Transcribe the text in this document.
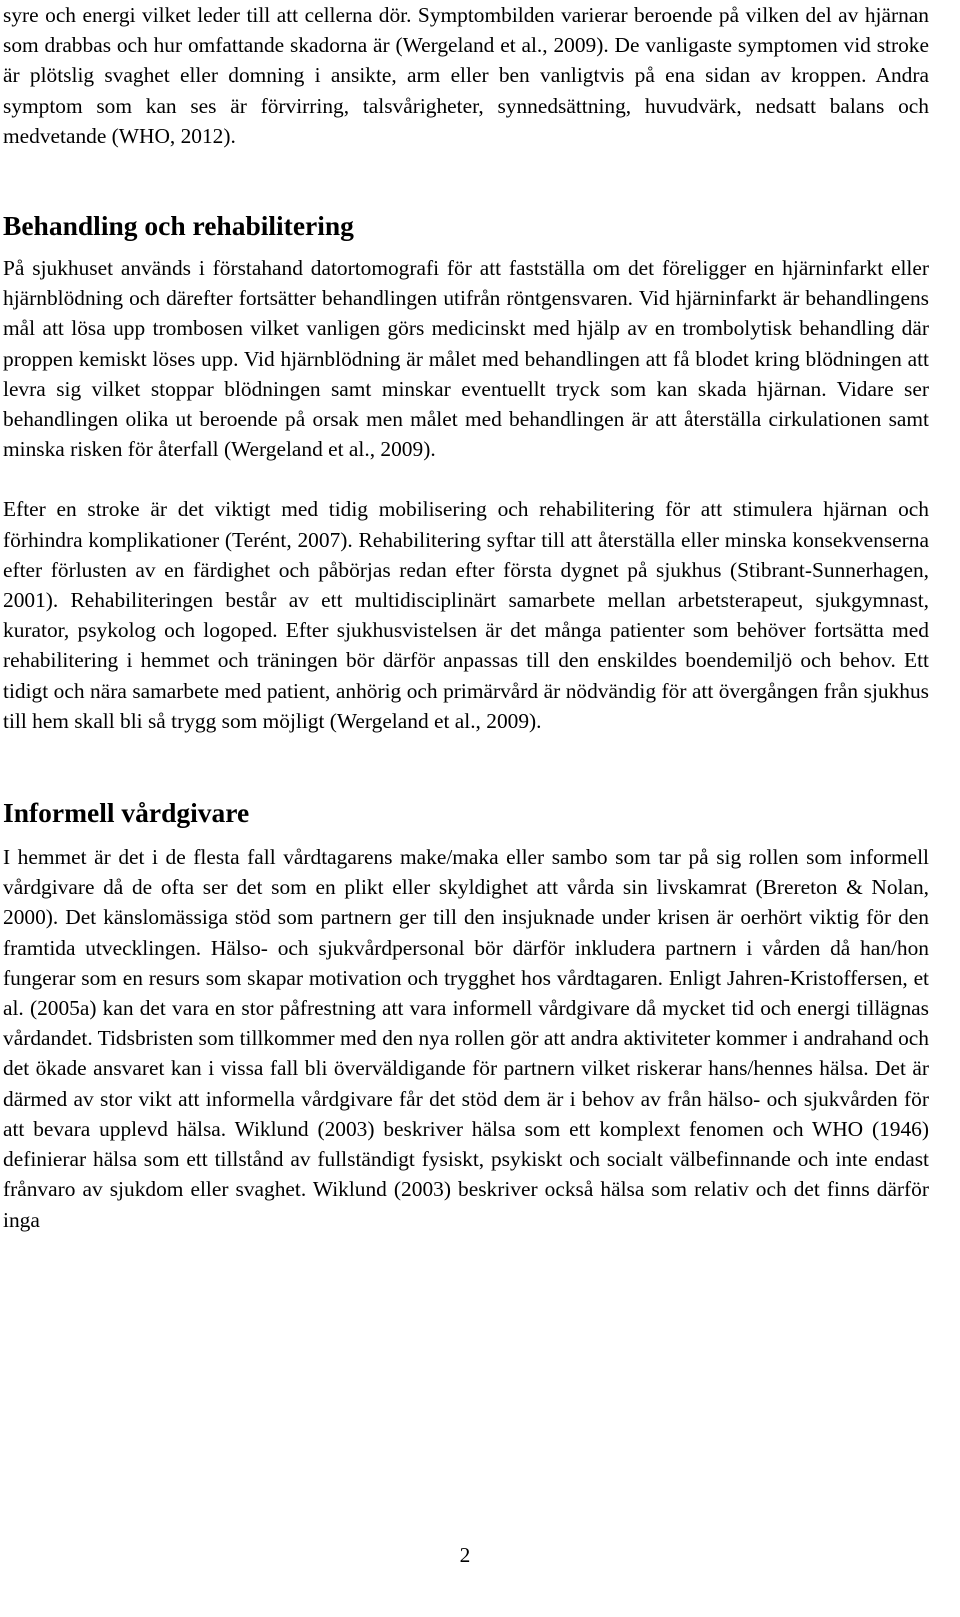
syre och energi vilket leder till att cellerna dör. Symptombilden varierar beroende på vilken del av hjärnan som drabbas och hur omfattande skadorna är (Wergeland et al., 2009). De vanligaste symptomen vid stroke är plötslig svaghet eller domning i ansikte, arm eller ben vanligtvis på ena sidan av kroppen. Andra symptom som kan ses är förvirring, talsvårigheter, synnedsättning, huvudvärk, nedsatt balans och medvetande (WHO, 2012).

Behandling och rehabilitering

På sjukhuset används i förstahand datortomografi för att fastställa om det föreligger en hjärninfarkt eller hjärnblödning och därefter fortsätter behandlingen utifrån röntgensvaren. Vid hjärninfarkt är behandlingens mål att lösa upp trombosen vilket vanligen görs medicinskt med hjälp av en trombolytisk behandling där proppen kemiskt löses upp. Vid hjärnblödning är målet med behandlingen att få blodet kring blödningen att levra sig vilket stoppar blödningen samt minskar eventuellt tryck som kan skada hjärnan. Vidare ser behandlingen olika ut beroende på orsak men målet med behandlingen är att återställa cirkulationen samt minska risken för återfall (Wergeland et al., 2009).

Efter en stroke är det viktigt med tidig mobilisering och rehabilitering för att stimulera hjärnan och förhindra komplikationer (Terént, 2007). Rehabilitering syftar till att återställa eller minska konsekvenserna efter förlusten av en färdighet och påbörjas redan efter första dygnet på sjukhus (Stibrant-Sunnerhagen, 2001). Rehabiliteringen består av ett multidisciplinärt samarbete mellan arbetsterapeut, sjukgymnast, kurator, psykolog och logoped. Efter sjukhusvistelsen är det många patienter som behöver fortsätta med rehabilitering i hemmet och träningen bör därför anpassas till den enskildes boendemiljö och behov. Ett tidigt och nära samarbete med patient, anhörig och primärvård är nödvändig för att övergången från sjukhus till hem skall bli så trygg som möjligt (Wergeland et al., 2009).

Informell vårdgivare

I hemmet är det i de flesta fall vårdtagarens make/maka eller sambo som tar på sig rollen som informell vårdgivare då de ofta ser det som en plikt eller skyldighet att vårda sin livskamrat (Brereton & Nolan, 2000). Det känslomässiga stöd som partnern ger till den insjuknade under krisen är oerhört viktig för den framtida utvecklingen. Hälso- och sjukvårdpersonal bör därför inkludera partnern i vården då han/hon fungerar som en resurs som skapar motivation och trygghet hos vårdtagaren. Enligt Jahren-Kristoffersen, et al. (2005a) kan det vara en stor påfrestning att vara informell vårdgivare då mycket tid och energi tillägnas vårdandet. Tidsbristen som tillkommer med den nya rollen gör att andra aktiviteter kommer i andrahand och det ökade ansvaret kan i vissa fall bli överväldigande för partnern vilket riskerar hans/hennes hälsa. Det är därmed av stor vikt att informella vårdgivare får det stöd dem är i behov av från hälso- och sjukvården för att bevara upplevd hälsa. Wiklund (2003) beskriver hälsa som ett komplext fenomen och WHO (1946) definierar hälsa som ett tillstånd av fullständigt fysiskt, psykiskt och socialt välbefinnande och inte endast frånvaro av sjukdom eller svaghet. Wiklund (2003) beskriver också hälsa som relativ och det finns därför inga

2
